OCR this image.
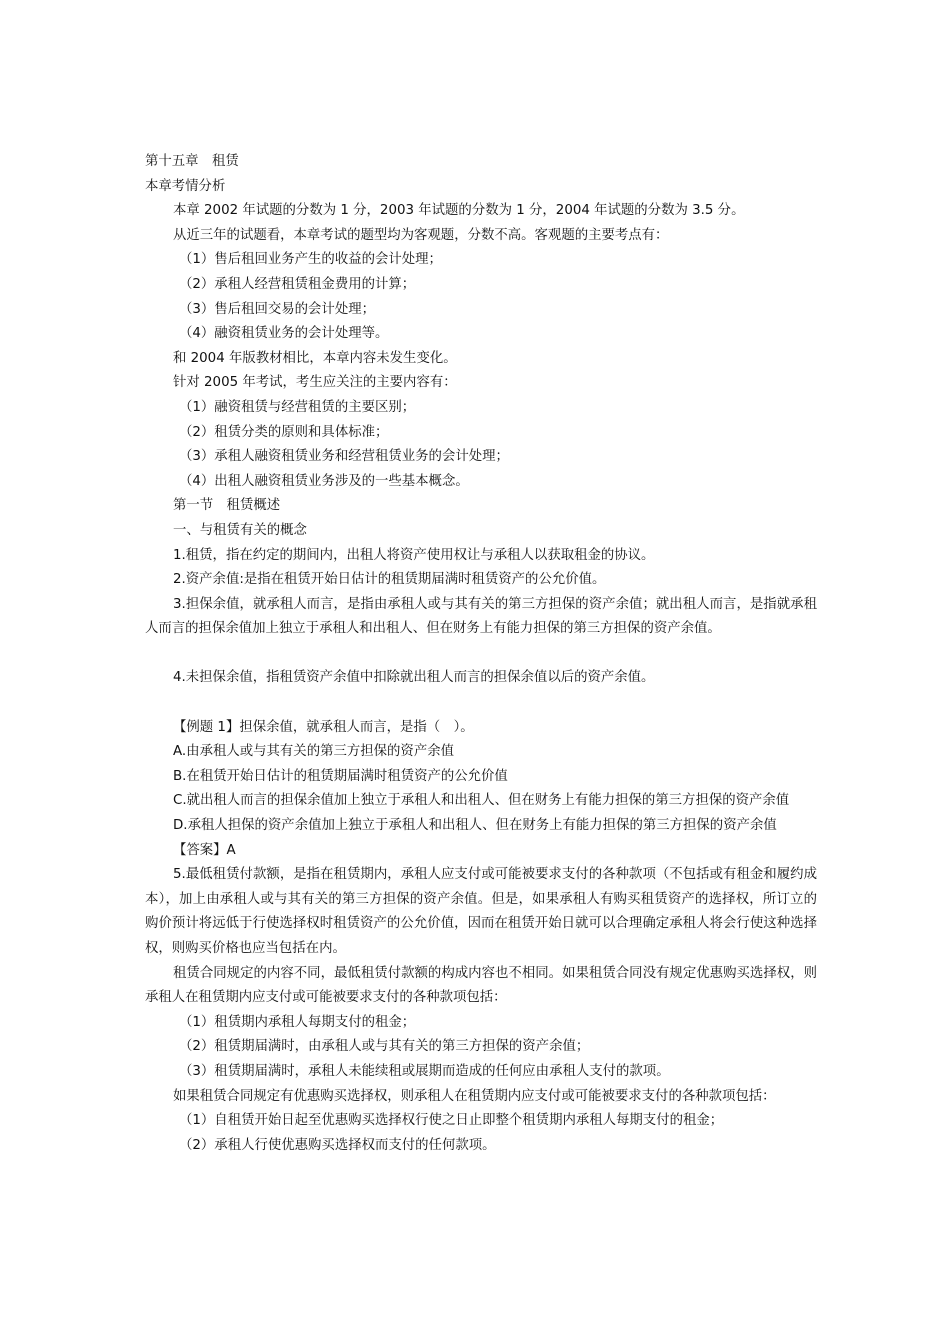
第十五章　租赁
本章考情分析
本章 2002 年试题的分数为 1 分，2003 年试题的分数为 1 分，2004 年试题的分数为 3.5 分。
从近三年的试题看，本章考试的题型均为客观题，分数不高。客观题的主要考点有：
（1）售后租回业务产生的收益的会计处理；
（2）承租人经营租赁租金费用的计算；
（3）售后租回交易的会计处理；
（4）融资租赁业务的会计处理等。
和 2004 年版教材相比，本章内容未发生变化。
针对 2005 年考试，考生应关注的主要内容有：
（1）融资租赁与经营租赁的主要区别；
（2）租赁分类的原则和具体标准；
（3）承租人融资租赁业务和经营租赁业务的会计处理；
（4）出租人融资租赁业务涉及的一些基本概念。
第一节　租赁概述
一、与租赁有关的概念
1.租赁，指在约定的期间内，出租人将资产使用权让与承租人以获取租金的协议。
2.资产余值:是指在租赁开始日估计的租赁期届满时租赁资产的公允价值。
3.担保余值，就承租人而言，是指由承租人或与其有关的第三方担保的资产余值；就出租人而言，是指就承租人而言的担保余值加上独立于承租人和出租人、但在财务上有能力担保的第三方担保的资产余值。
4.未担保余值，指租赁资产余值中扣除就出租人而言的担保余值以后的资产余值。
【例题 1】担保余值，就承租人而言，是指（　）。
A.由承租人或与其有关的第三方担保的资产余值
B.在租赁开始日估计的租赁期届满时租赁资产的公允价值
C.就出租人而言的担保余值加上独立于承租人和出租人、但在财务上有能力担保的第三方担保的资产余值
D.承租人担保的资产余值加上独立于承租人和出租人、但在财务上有能力担保的第三方担保的资产余值
【答案】A
5.最低租赁付款额，是指在租赁期内，承租人应支付或可能被要求支付的各种款项（不包括或有租金和履约成本），加上由承租人或与其有关的第三方担保的资产余值。但是，如果承租人有购买租赁资产的选择权，所订立的购价预计将远低于行使选择权时租赁资产的公允价值，因而在租赁开始日就可以合理确定承租人将会行使这种选择权，则购买价格也应当包括在内。
租赁合同规定的内容不同，最低租赁付款额的构成内容也不相同。如果租赁合同没有规定优惠购买选择权，则承租人在租赁期内应支付或可能被要求支付的各种款项包括：
（1）租赁期内承租人每期支付的租金；
（2）租赁期届满时，由承租人或与其有关的第三方担保的资产余值；
（3）租赁期届满时，承租人未能续租或展期而造成的任何应由承租人支付的款项。
如果租赁合同规定有优惠购买选择权，则承租人在租赁期内应支付或可能被要求支付的各种款项包括：
（1）自租赁开始日起至优惠购买选择权行使之日止即整个租赁期内承租人每期支付的租金；
（2）承租人行使优惠购买选择权而支付的任何款项。
